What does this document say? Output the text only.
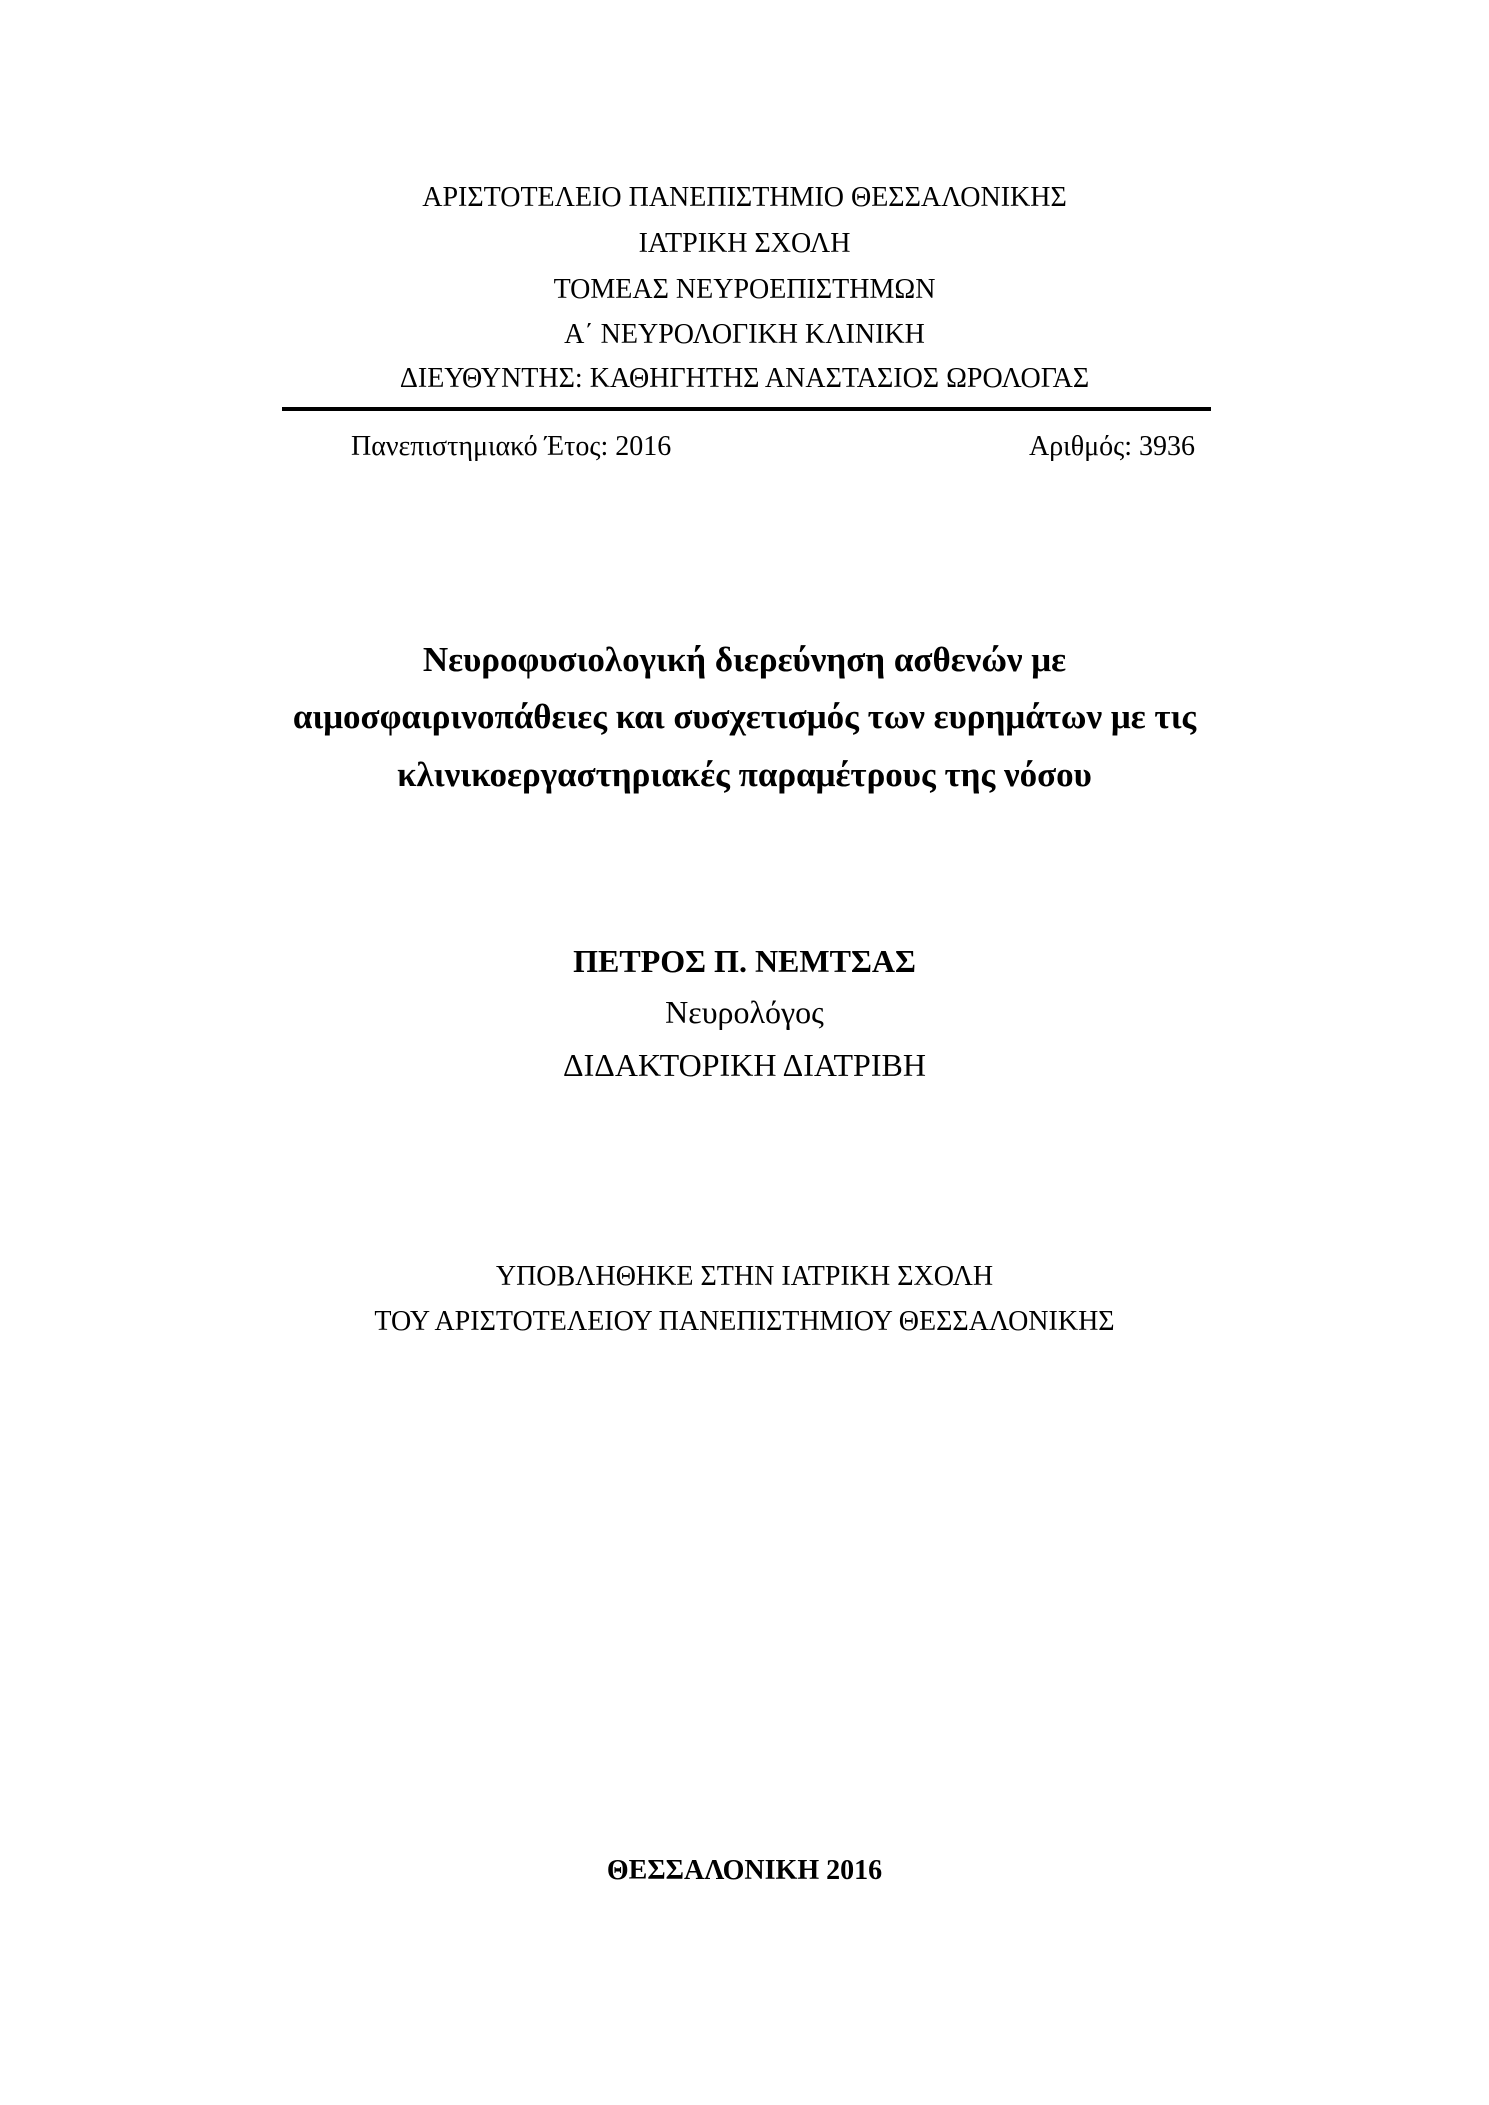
ΑΡΙΣΤΟΤΕΛΕΙΟ ΠΑΝΕΠΙΣΤΗΜΙΟ ΘΕΣΣΑΛΟΝΙΚΗΣ
ΙΑΤΡΙΚΗ ΣΧΟΛΗ
ΤΟΜΕΑΣ ΝΕΥΡΟΕΠΙΣΤΗΜΩΝ
Α΄ ΝΕΥΡΟΛΟΓΙΚΗ ΚΛΙΝΙΚΗ
ΔΙΕΥΘΥΝΤΗΣ: ΚΑΘΗΓΗΤΗΣ ΑΝΑΣΤΑΣΙΟΣ ΩΡΟΛΟΓΑΣ
Πανεπιστημιακό Έτος: 2016	Αριθμός: 3936
Νευροφυσιολογική διερεύνηση ασθενών με
αιμοσφαιρινοπάθειες και συσχετισμός των ευρημάτων με τις
κλινικοεργαστηριακές παραμέτρους της νόσου
ΠΕΤΡΟΣ Π. ΝΕΜΤΣΑΣ
Νευρολόγος
ΔΙΔΑΚΤΟΡΙΚΗ ΔΙΑΤΡΙΒΗ
ΥΠΟΒΛΗΘΗΚΕ ΣΤΗΝ ΙΑΤΡΙΚΗ ΣΧΟΛΗ
ΤΟΥ ΑΡΙΣΤΟΤΕΛΕΙΟΥ ΠΑΝΕΠΙΣΤΗΜΙΟΥ ΘΕΣΣΑΛΟΝΙΚΗΣ
ΘΕΣΣΑΛΟΝΙΚΗ 2016
